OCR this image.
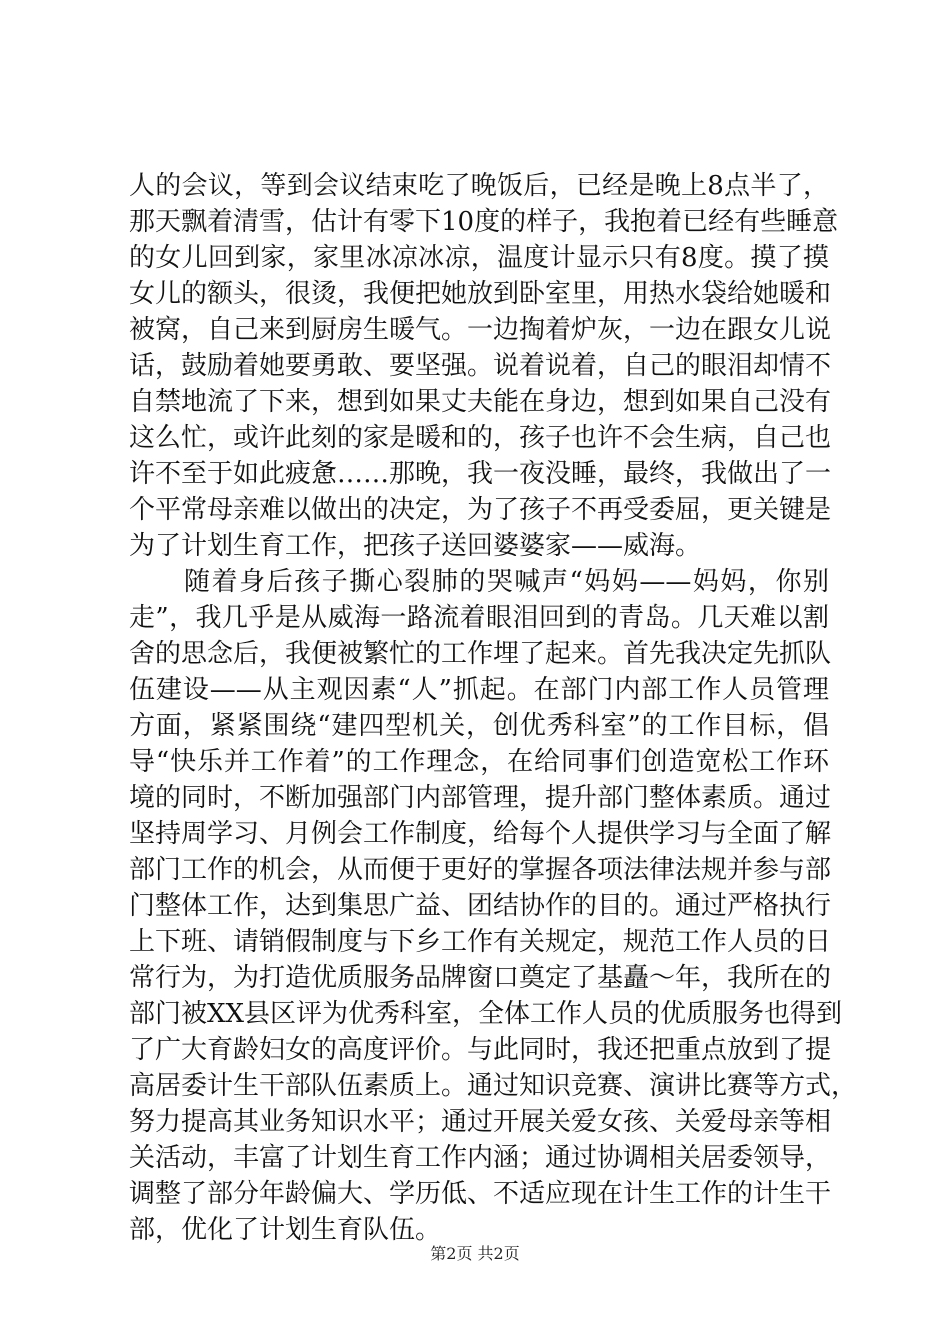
人的会议，等到会议结束吃了晚饭后，已经是晚上8点半了，
那天飘着清雪，估计有零下10度的样子，我抱着已经有些睡意
的女儿回到家，家里冰凉冰凉，温度计显示只有8度。摸了摸
女儿的额头，很烫，我便把她放到卧室里，用热水袋给她暖和
被窝，自己来到厨房生暖气。一边掏着炉灰，一边在跟女儿说
话，鼓励着她要勇敢、要坚强。说着说着，自己的眼泪却情不
自禁地流了下来，想到如果丈夫能在身边，想到如果自己没有
这么忙，或许此刻的家是暖和的，孩子也许不会生病，自己也
许不至于如此疲惫……那晚，我一夜没睡，最终，我做出了一
个平常母亲难以做出的决定，为了孩子不再受委屈，更关键是
为了计划生育工作，把孩子送回婆婆家——威海。
　　随着身后孩子撕心裂肺的哭喊声“妈妈——妈妈，你别
走”，我几乎是从威海一路流着眼泪回到的青岛。几天难以割
舍的思念后，我便被繁忙的工作埋了起来。首先我决定先抓队
伍建设——从主观因素“人”抓起。在部门内部工作人员管理
方面，紧紧围绕“建四型机关，创优秀科室”的工作目标，倡
导“快乐并工作着”的工作理念，在给同事们创造宽松工作环
境的同时，不断加强部门内部管理，提升部门整体素质。通过
坚持周学习、月例会工作制度，给每个人提供学习与全面了解
部门工作的机会，从而便于更好的掌握各项法律法规并参与部
门整体工作，达到集思广益、团结协作的目的。通过严格执行
上下班、请销假制度与下乡工作有关规定，规范工作人员的日
常行为，为打造优质服务品牌窗口奠定了基矗～年，我所在的
部门被XX县区评为优秀科室，全体工作人员的优质服务也得到
了广大育龄妇女的高度评价。与此同时，我还把重点放到了提
高居委计生干部队伍素质上。通过知识竞赛、演讲比赛等方式，
努力提高其业务知识水平；通过开展关爱女孩、关爱母亲等相
关活动，丰富了计划生育工作内涵；通过协调相关居委领导，
调整了部分年龄偏大、学历低、不适应现在计生工作的计生干
部，优化了计划生育队伍。
第2页 共2页
